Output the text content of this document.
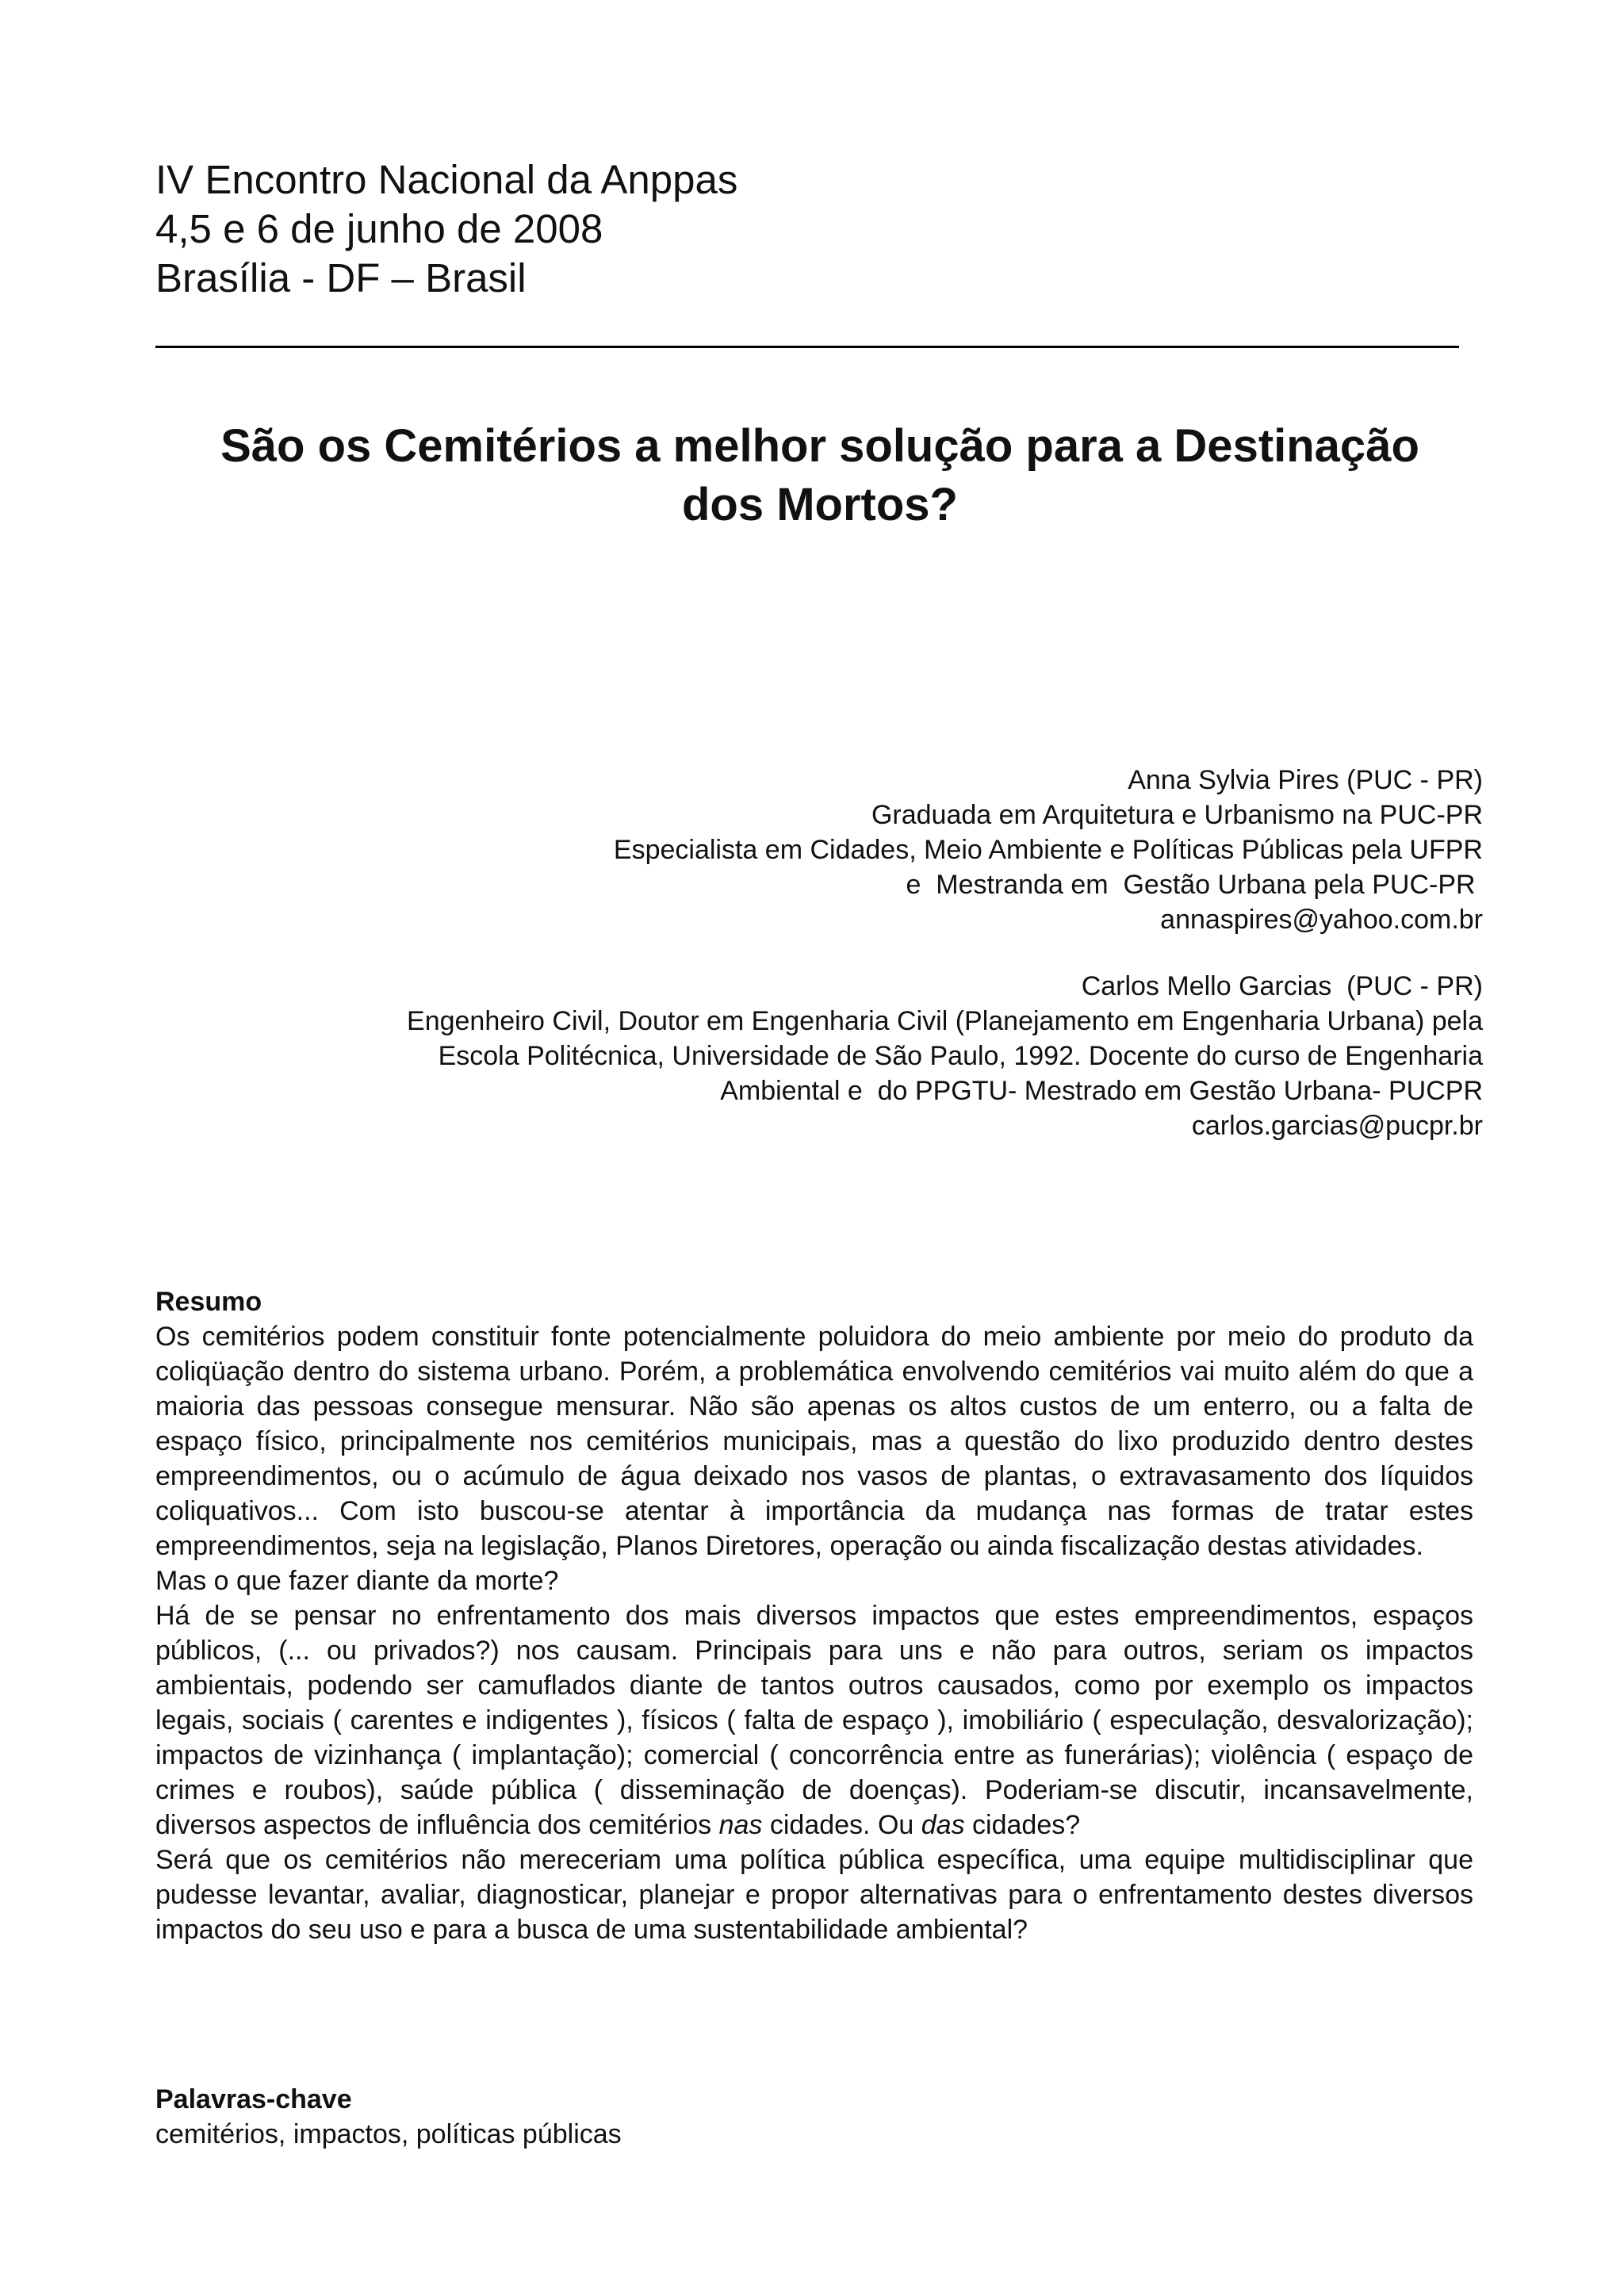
IV Encontro Nacional da Anppas
4,5 e 6 de junho de 2008
Brasília - DF – Brasil
São os Cemitérios a melhor solução para a Destinação
dos Mortos?
Anna Sylvia Pires (PUC - PR)
Graduada em Arquitetura e Urbanismo na PUC-PR
Especialista em Cidades, Meio Ambiente e Políticas Públicas pela UFPR
e  Mestranda em  Gestão Urbana pela PUC-PR
annaspires@yahoo.com.br
Carlos Mello Garcias  (PUC - PR)
Engenheiro Civil, Doutor em Engenharia Civil (Planejamento em Engenharia Urbana) pela
Escola Politécnica, Universidade de São Paulo, 1992. Docente do curso de Engenharia
Ambiental e  do PPGTU- Mestrado em Gestão Urbana- PUCPR
carlos.garcias@pucpr.br
Resumo

Os cemitérios podem constituir fonte potencialmente poluidora do meio ambiente por meio do produto da coliqüação dentro do sistema urbano. Porém, a problemática envolvendo cemitérios vai muito além do que a maioria das pessoas consegue mensurar. Não são apenas os altos custos de um enterro, ou a falta de espaço físico, principalmente nos cemitérios municipais, mas a questão do lixo produzido dentro destes empreendimentos, ou o acúmulo de água deixado nos vasos de plantas, o extravasamento dos líquidos coliquativos... Com isto buscou-se atentar à importância da mudança nas formas de tratar estes empreendimentos, seja na legislação, Planos Diretores, operação ou ainda fiscalização destas atividades.

Mas o que fazer diante da morte?

Há de se pensar no enfrentamento dos mais diversos impactos que estes empreendimentos, espaços públicos, (... ou privados?) nos causam. Principais para uns e não para outros, seriam os impactos ambientais, podendo ser camuflados diante de tantos outros causados, como por exemplo os impactos legais, sociais ( carentes e indigentes ), físicos ( falta de espaço ), imobiliário ( especulação, desvalorização); impactos de vizinhança ( implantação); comercial ( concorrência entre as funerárias); violência ( espaço de crimes e roubos), saúde pública ( disseminação de doenças). Poderiam-se discutir, incansavelmente, diversos aspectos de influência dos cemitérios nas cidades. Ou das cidades?

Será que os cemitérios não mereceriam uma política pública específica, uma equipe multidisciplinar que pudesse levantar, avaliar, diagnosticar, planejar e propor alternativas para o enfrentamento destes diversos impactos do seu uso e para a busca de uma sustentabilidade ambiental?

Palavras-chave
cemitérios, impactos, políticas públicas
